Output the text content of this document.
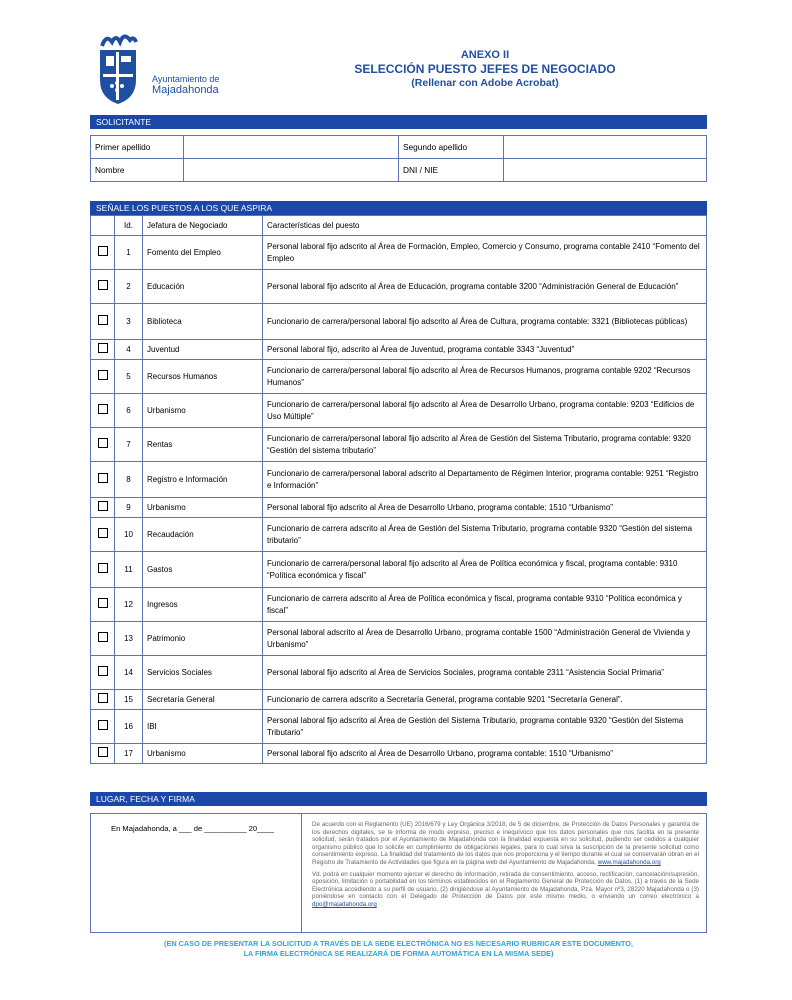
Ayuntamiento de
Majadahonda
ANEXO II
SELECCIÓN PUESTO JEFES DE NEGOCIADO
(Rellenar con Adobe Acrobat)
SOLICITANTE
Primer apellido		Segundo apellido	
Nombre		DNI / NIE	
SEÑALE LOS PUESTOS A LOS QUE ASPIRA
	Id.	Jefatura de Negociado	Características del puesto
	1	Fomento del Empleo	Personal laboral fijo adscrito al Área de Formación, Empleo, Comercio y Consumo, programa contable 2410 “Fomento del Empleo
	2	Educación	Personal laboral fijo adscrito al Área de Educación, programa contable 3200 “Administración General de Educación”
	3	Biblioteca	Funcionario de carrera/personal laboral fijo adscrito al Área de Cultura, programa contable: 3321 (Bibliotecas públicas)
	4	Juventud	Personal laboral fijo, adscrito al Área de Juventud, programa contable 3343 “Juventud”
	5	Recursos Humanos	Funcionario de carrera/personal laboral fijo adscrito al Área de Recursos Humanos, programa contable 9202 “Recursos Humanos”
	6	Urbanismo	Funcionario de carrera/personal laboral fijo adscrito al Área de Desarrollo Urbano, programa contable: 9203 “Edificios de Uso Múltiple”
	7	Rentas	Funcionario de carrera/personal laboral fijo adscrito al Área de Gestión del Sistema Tributario, programa contable: 9320 “Gestión del sistema tributario”
	8	Registro e Información	Funcionario de carrera/personal laboral adscrito al Departamento de Régimen Interior, programa contable: 9251 “Registro e Información”
	9	Urbanismo	Personal laboral fijo adscrito al Área de Desarrollo Urbano, programa contable: 1510 “Urbanismo”
	10	Recaudación	Funcionario de carrera adscrito al Área de Gestión del Sistema Tributario, programa contable 9320 “Gestión del sistema tributario”
	11	Gastos	Funcionario de carrera/personal laboral fijo adscrito al Área de Política económica y fiscal, programa contable: 9310 “Política económica y fiscal”
	12	Ingresos	Funcionario de carrera adscrito al Área de Política económica y fiscal, programa contable 9310 “Política económica y fiscal”
	13	Patrimonio	Personal laboral adscrito al Área de Desarrollo Urbano, programa contable 1500 “Administración General de Vivienda y Urbanismo”
	14	Servicios Sociales	Personal laboral fijo adscrito al Área de Servicios Sociales, programa contable 2311 “Asistencia Social Primaria”
	15	Secretaría General	Funcionario de carrera adscrito a Secretaría General, programa contable 9201 “Secretaría General”.
	16	IBI	Personal laboral fijo adscrito al Área de Gestión del Sistema Tributario, programa contable 9320 “Gestión del Sistema Tributario”
	17	Urbanismo	Personal laboral fijo adscrito al Área de Desarrollo Urbano, programa contable: 1510 “Urbanismo”
LUGAR, FECHA Y FIRMA
En Majadahonda, a ___ de __________ 20____	De acuerdo con el Reglamento (UE) 2016/679 y Ley Orgánica 3/2018, de 5 de diciembre, de Protección de Datos Personales y garantía de los derechos digitales, se le informa de modo expreso, preciso e inequívoco que los datos personales que nos facilita en la presente solicitud, serán tratados por el Ayuntamiento de Majadahonda con la finalidad expuesta en su solicitud, pudiendo ser cedidos a cualquier organismo público que lo solicite en cumplimiento de obligaciones legales, para lo cual sirva la suscripción de la presente solicitud como consentimiento expreso. La finalidad del tratamiento de los datos que nos proporciona y el tiempo durante el cual se conservarán obran en el Registro de Tratamiento de Actividades que figura en la página web del Ayuntamiento de Majadahonda, www.majadahonda.org

Vd. podrá en cualquier momento ejercer el derecho de información, retirada de consentimiento, acceso, rectificación, cancelación/supresión, oposición, limitación o portabilidad en los términos establecidos en el Reglamento General de Protección de Datos, (1) a través de la Sede Electrónica accediendo a su perfil de usuario, (2) dirigiéndose al Ayuntamiento de Majadahonda, Pza. Mayor nº3, 28220 Majadahonda o (3) poniéndose en contacto con el Delegado de Protección de Datos por este mismo medio, o enviando un correo electrónico a dpo@majadahonda.org

(EN CASO DE PRESENTAR LA SOLICITUD A TRAVÉS DE LA SEDE ELECTRÓNICA NO ES NECESARIO RUBRICAR ESTE DOCUMENTO,
LA FIRMA ELECTRÓNICA SE REALIZARÁ DE FORMA AUTOMÁTICA EN LA MISMA SEDE)
